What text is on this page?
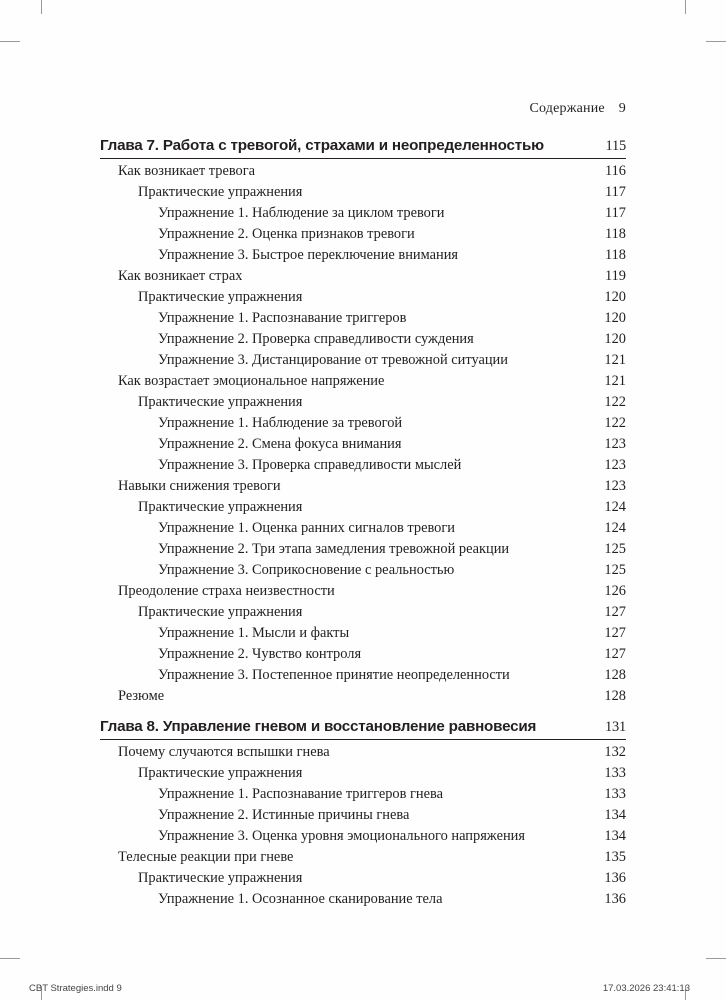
Содержание 9
Глава 7. Работа с тревогой, страхами и неопределенностью	115
Как возникает тревога	116
Практические упражнения	117
Упражнение 1. Наблюдение за циклом тревоги	117
Упражнение 2. Оценка признаков тревоги	118
Упражнение 3. Быстрое переключение внимания	118
Как возникает страх	119
Практические упражнения	120
Упражнение 1. Распознавание триггеров	120
Упражнение 2. Проверка справедливости суждения	120
Упражнение 3. Дистанцирование от тревожной ситуации	121
Как возрастает эмоциональное напряжение	121
Практические упражнения	122
Упражнение 1. Наблюдение за тревогой	122
Упражнение 2. Смена фокуса внимания	123
Упражнение 3. Проверка справедливости мыслей	123
Навыки снижения тревоги	123
Практические упражнения	124
Упражнение 1. Оценка ранних сигналов тревоги	124
Упражнение 2. Три этапа замедления тревожной реакции	125
Упражнение 3. Соприкосновение с реальностью	125
Преодоление страха неизвестности	126
Практические упражнения	127
Упражнение 1. Мысли и факты	127
Упражнение 2. Чувство контроля	127
Упражнение 3. Постепенное принятие неопределенности	128
Резюме	128
Глава 8. Управление гневом и восстановление равновесия	131
Почему случаются вспышки гнева	132
Практические упражнения	133
Упражнение 1. Распознавание триггеров гнева	133
Упражнение 2. Истинные причины гнева	134
Упражнение 3. Оценка уровня эмоционального напряжения	134
Телесные реакции при гневе	135
Практические упражнения	136
Упражнение 1. Осознанное сканирование тела	136
CBT Strategies.indd 9	17.03.2026 23:41:13
